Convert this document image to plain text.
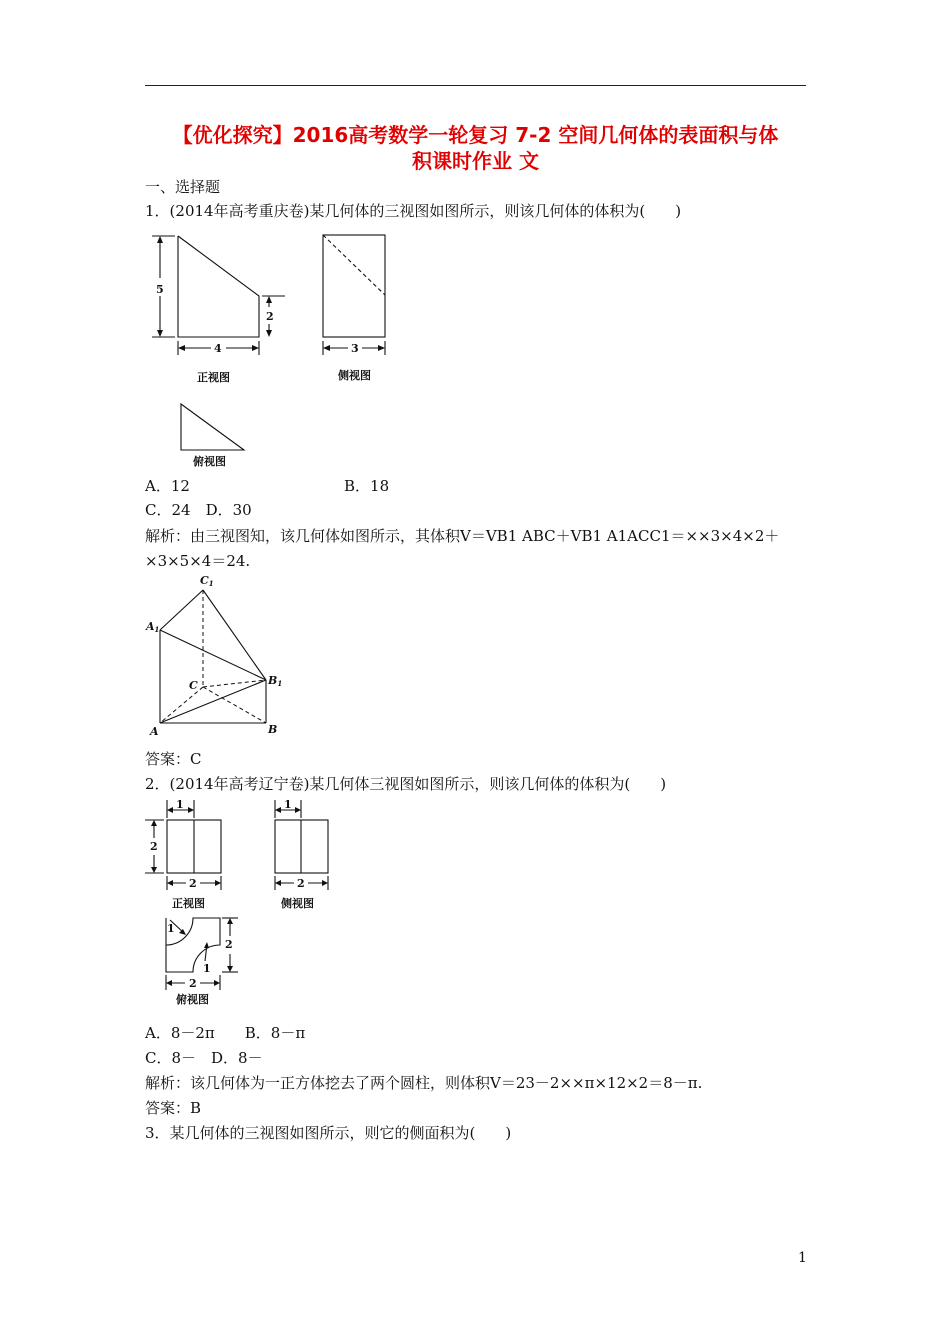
【优化探究】2016高考数学一轮复习 7-2 空间几何体的表面积与体
积课时作业 文
一、选择题
1．(2014年高考重庆卷)某几何体的三视图如图所示，则该几何体的体积为(　　)
5
2
4	3
正视图	侧视图
俯视图
A．12	B．18
C．24　D．30
解析：由三视图知，该几何体如图所示，其体积V＝VB1 ABC＋VB1 A1ACC1＝××3×4×2＋
×3×5×4＝24.
C1
A1
B1
C
A	B
答案：C
2．(2014年高考辽宁卷)某几何体三视图如图所示，则该几何体的体积为(　　)
1
2
2
1
2
2
2
1
1
正视图	侧视图
俯视图
A．8－2π　　B．8－π
C．8－　D．8－
解析：该几何体为一正方体挖去了两个圆柱，则体积V＝23－2××π×12×2＝8－π.
答案：B
3．某几何体的三视图如图所示，则它的侧面积为(　　)
1
